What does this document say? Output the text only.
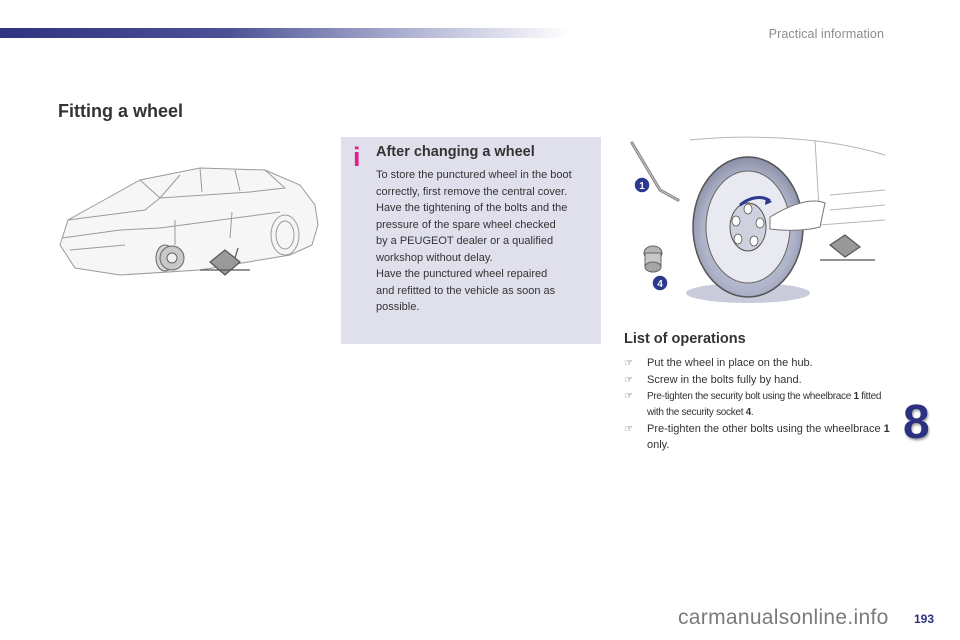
Practical information
Fitting a wheel
i	After changing a wheel

To store the punctured wheel in the boot
correctly, first remove the central cover.
Have the tightening of the bolts and the
pressure of the spare wheel checked
by a PEUGEOT dealer or a qualified
workshop without delay.
Have the punctured wheel repaired
and refitted to the vehicle as soon as
possible.

1
4
List of operations
☞ Put the wheel in place on the hub.
☞ Screw in the bolts fully by hand.
☞ Pre-tighten the security bolt using the wheelbrace 1 fitted with the security socket 4.
☞ Pre-tighten the other bolts using the wheelbrace 1 only.	8
carmanualsonline.info 193
